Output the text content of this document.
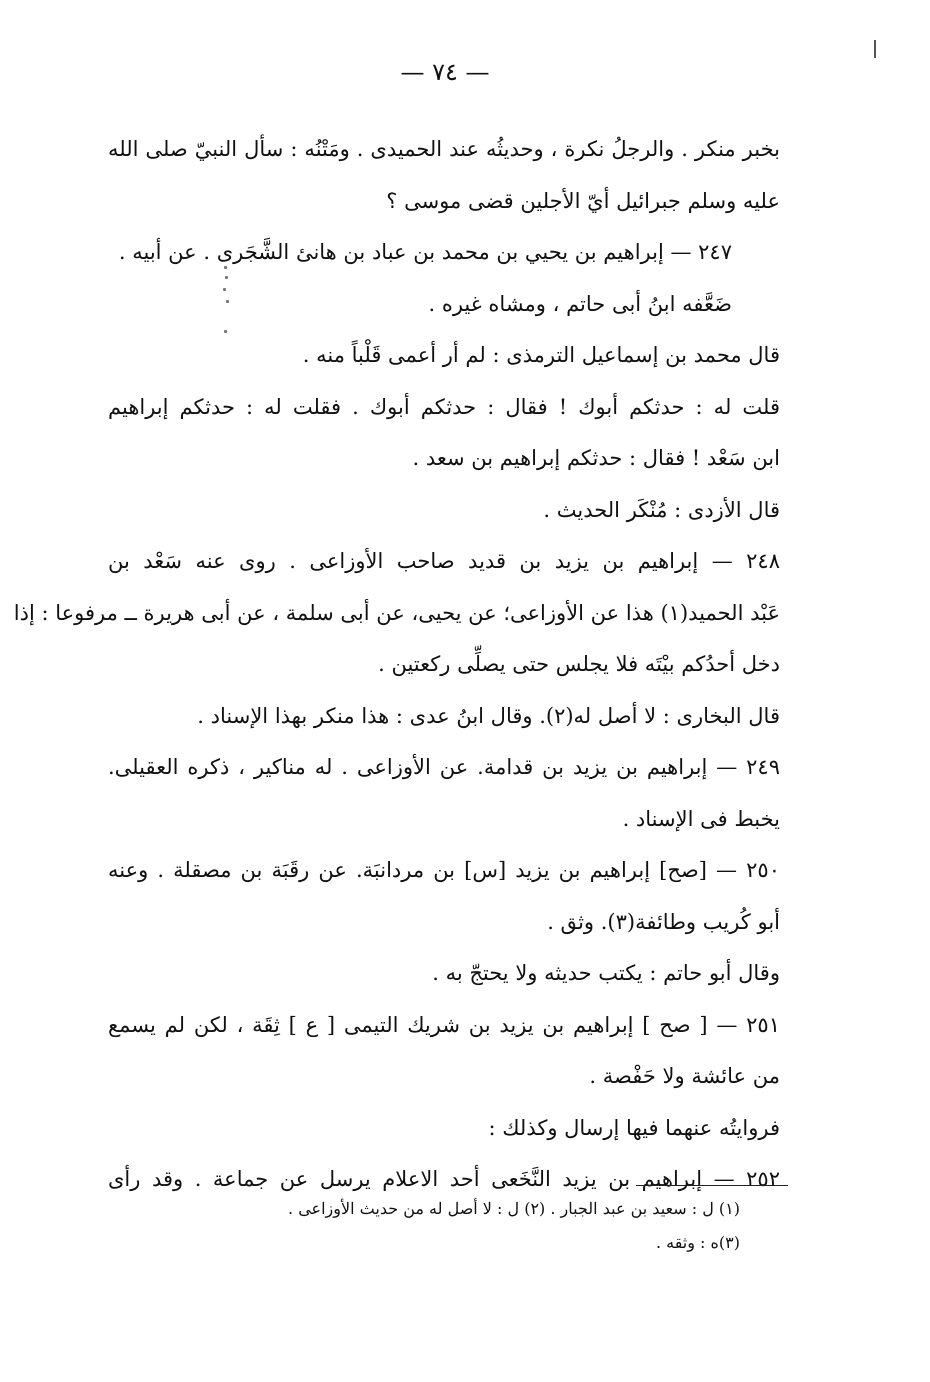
— ٧٤ —
بخبر منكر . والرجلُ نكرة ، وحديثُه عند الحميدى . ومَتْنُه : سأل النبيّ صلى الله
عليه وسلم جبرائيل أيّ الأجلين قضى موسى ؟
٢٤٧ — إبراهيم بن يحيي بن محمد بن عباد بن هانئ الشَّجَرى . عن أبيه .
ضَعَّفه ابنُ أبى حاتم ، ومشاه غيره .
قال محمد بن إسماعيل الترمذى : لم أر أعمى قَلْباً منه .
قلت له : حدثكم أبوك ! فقال : حدثكم أبوك . فقلت له : حدثكم إبراهيم
ابن سَعْد ! فقال : حدثكم إبراهيم بن سعد .
قال الأزدى : مُنْكَر الحديث .
٢٤٨ — إبراهيم بن يزيد بن قديد صاحب الأوزاعى . روى عنه سَعْد بن
عَبْد الحميد(١) هذا عن الأوزاعى؛ عن يحيى، عن أبى سلمة ، عن أبى هريرة ــ مرفوعا : إذا
دخل أحدُكم بيْتَه فلا يجلس حتى يصلِّى ركعتين .
قال البخارى : لا أصل له(٢). وقال ابنُ عدى : هذا منكر بهذا الإسناد .
٢٤٩ — إبراهيم بن يزيد بن قدامة. عن الأوزاعى . له مناكير ، ذكره العقيلى.
يخبط فى الإسناد .
٢٥٠ — [صح] إبراهيم بن يزيد [س] بن مردانبَة. عن رقَبَة بن مصقلة . وعنه
أبو كُريب وطائفة(٣). وثق .
وقال أبو حاتم : يكتب حديثه ولا يحتجّ به .
٢٥١ — [ صح ] إبراهيم بن يزيد بن شريك التيمى [ ع ] ثِقَة ، لكن لم يسمع
من عائشة ولا حَفْصة .
فروايتُه عنهما فيها إرسال وكذلك :
٢٥٢ — إبراهيم بن يزيد النَّخَعى أحد الاعلام يرسل عن جماعة . وقد رأى
(١) ل : سعيد بن عبد الجبار . (٢) ل : لا أصل له من حديث الأوزاعى .
(٣)ه : وثقه .
